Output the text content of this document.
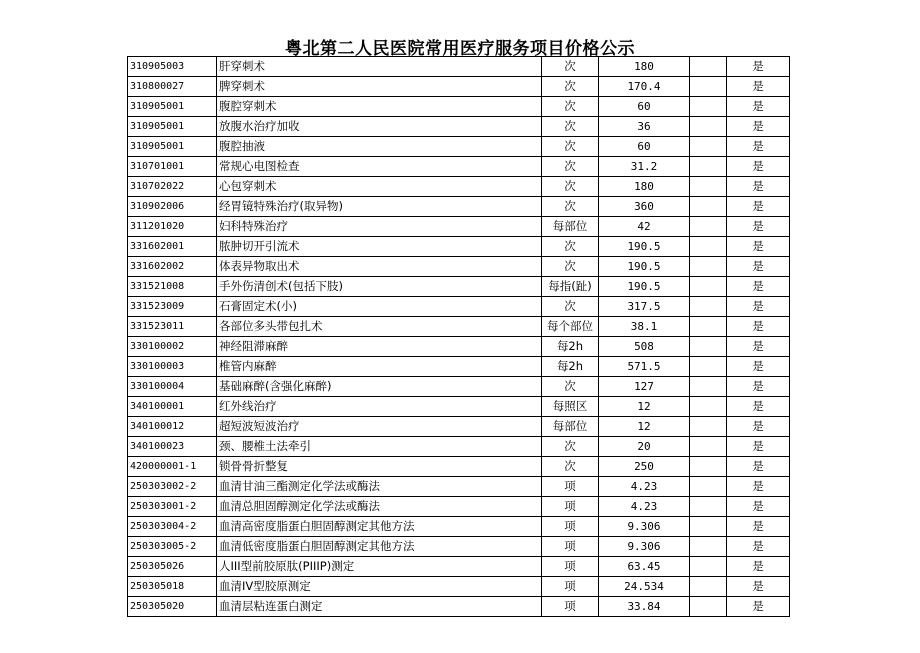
粤北第二人民医院常用医疗服务项目价格公示
310905003	肝穿刺术	次	180		是
310800027	脾穿刺术	次	170.4		是
310905001	腹腔穿刺术	次	60		是
310905001	放腹水治疗加收	次	36		是
310905001	腹腔抽液	次	60		是
310701001	常规心电图检查	次	31.2		是
310702022	心包穿刺术	次	180		是
310902006	经胃镜特殊治疗(取异物)	次	360		是
311201020	妇科特殊治疗	每部位	42		是
331602001	脓肿切开引流术	次	190.5		是
331602002	体表异物取出术	次	190.5		是
331521008	手外伤清创术(包括下肢)	每指(趾)	190.5		是
331523009	石膏固定术(小)	次	317.5		是
331523011	各部位多头带包扎术	每个部位	38.1		是
330100002	神经阻滞麻醉	每2h	508		是
330100003	椎管内麻醉	每2h	571.5		是
330100004	基础麻醉(含强化麻醉)	次	127		是
340100001	红外线治疗	每照区	12		是
340100012	超短波短波治疗	每部位	12		是
340100023	颈、腰椎土法牵引	次	20		是
420000001-1	锁骨骨折整复	次	250		是
250303002-2	血清甘油三酯测定化学法或酶法	项	4.23		是
250303001-2	血清总胆固醇测定化学法或酶法	项	4.23		是
250303004-2	血清高密度脂蛋白胆固醇测定其他方法	项	9.306		是
250303005-2	血清低密度脂蛋白胆固醇测定其他方法	项	9.306		是
250305026	人III型前胶原肽(PIIIP)测定	项	63.45		是
250305018	血清IV型胶原测定	项	24.534		是
250305020	血清层粘连蛋白测定	项	33.84		是
